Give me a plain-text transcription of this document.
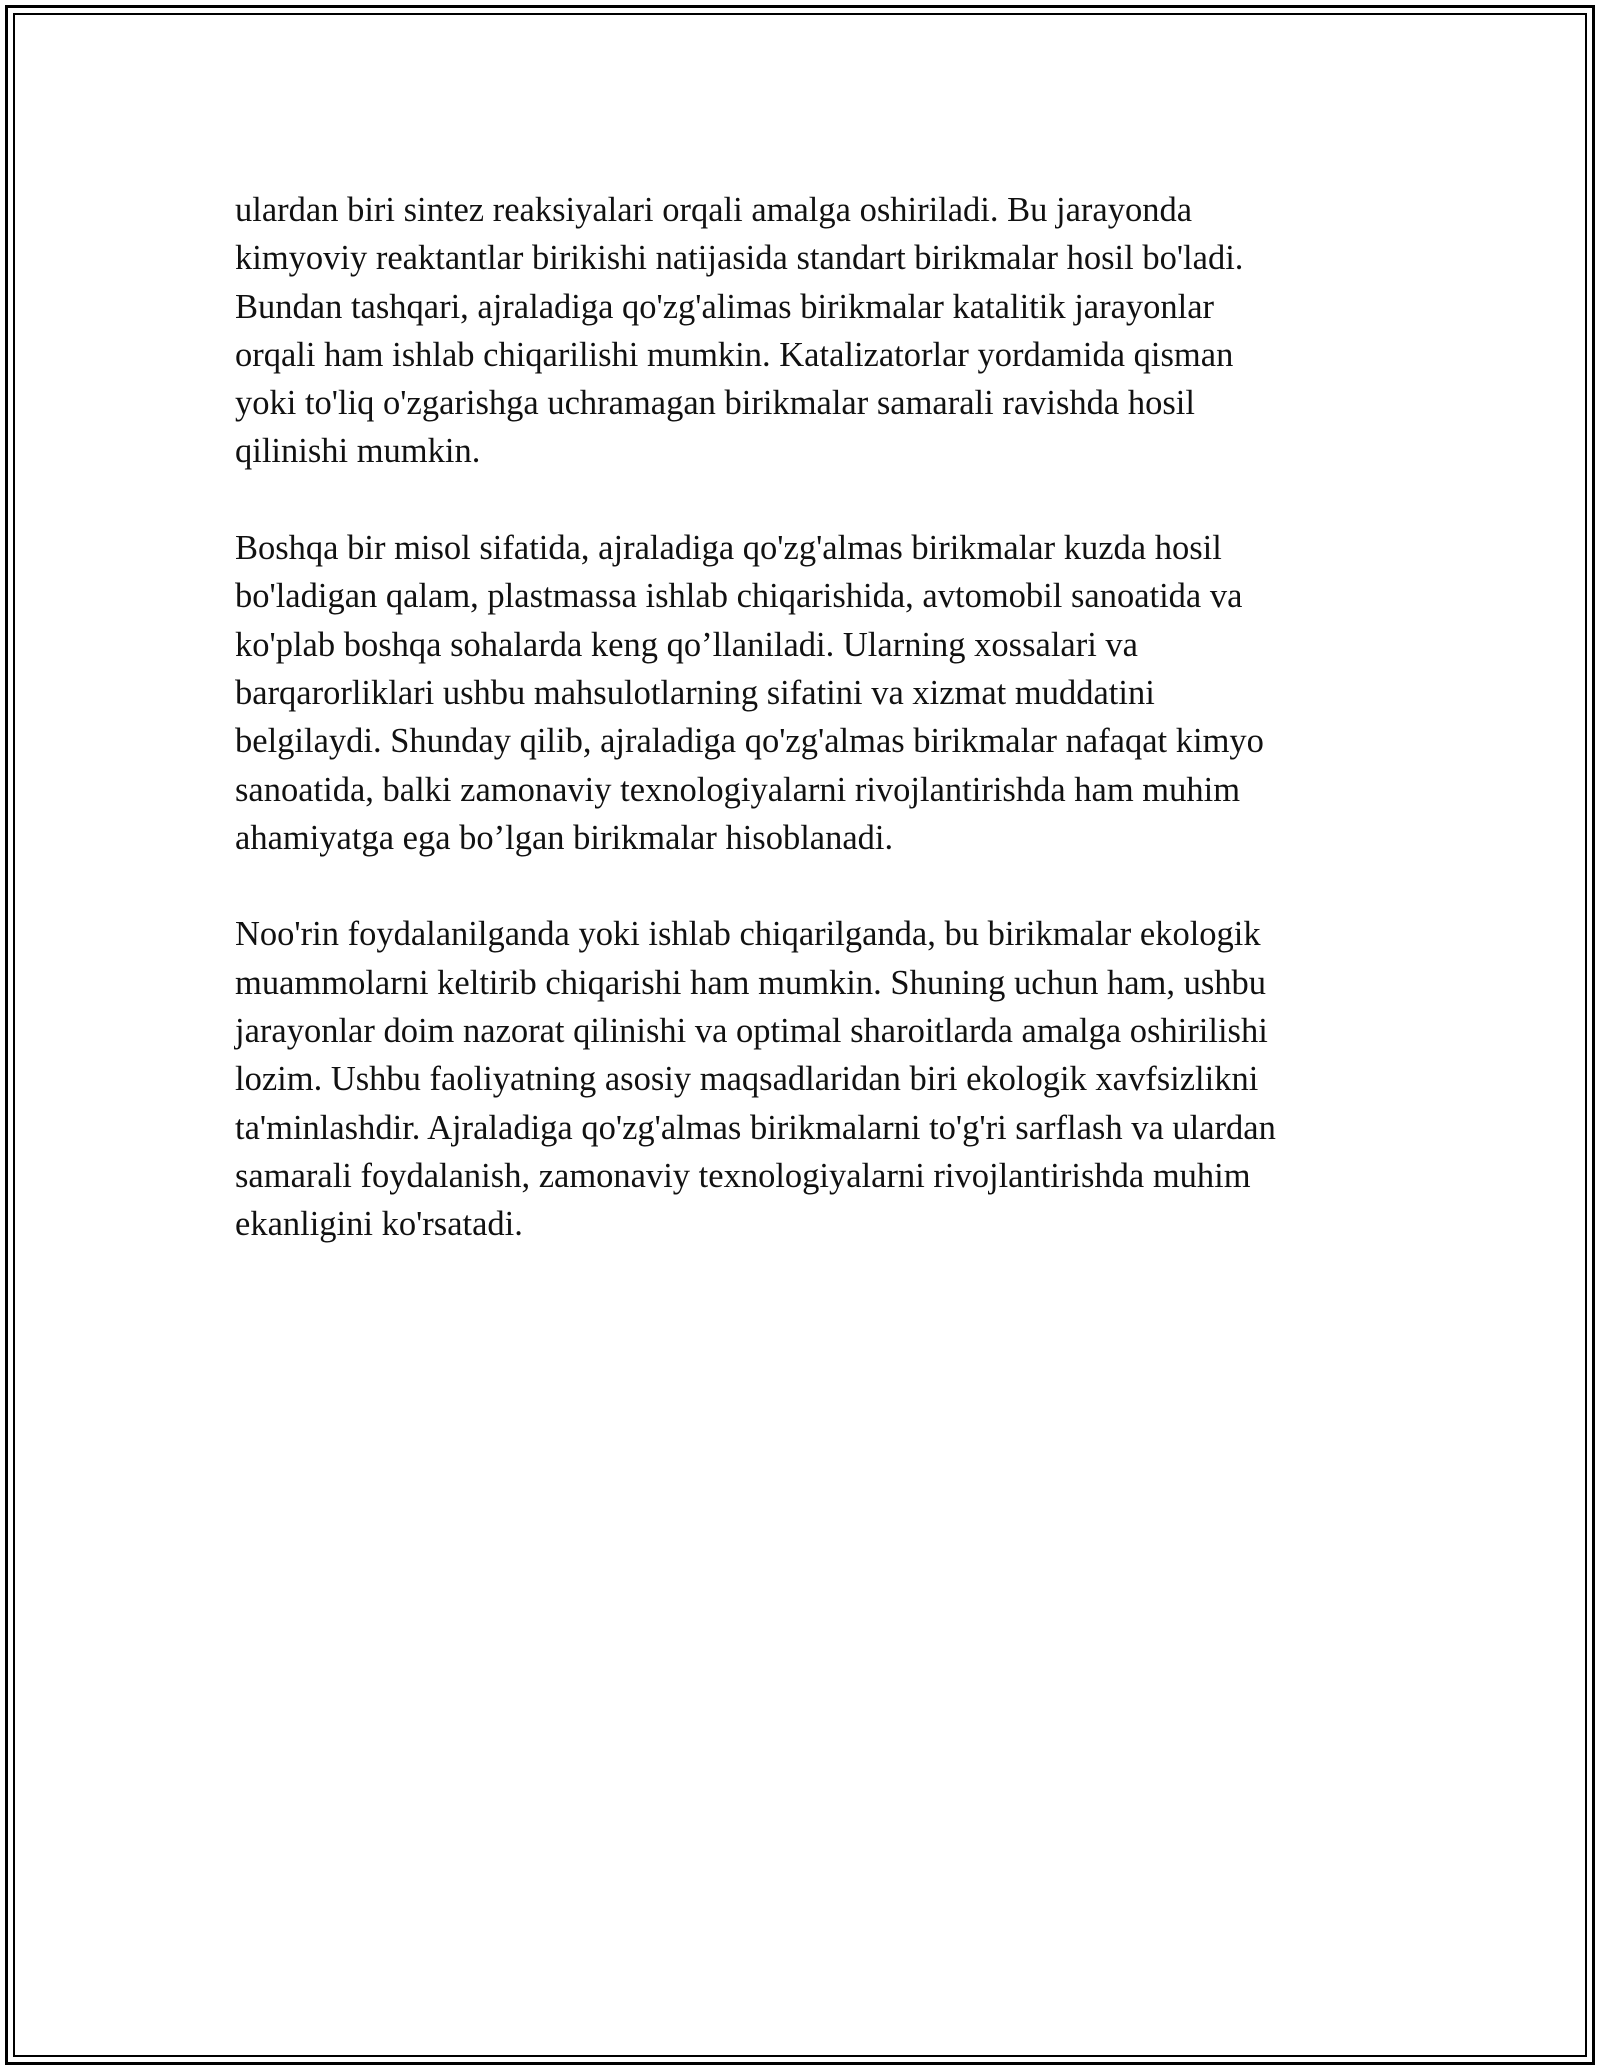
ulardan biri sintez reaksiyalari orqali amalga oshiriladi. Bu jarayonda
kimyoviy reaktantlar birikishi natijasida standart birikmalar hosil bo'ladi.
Bundan tashqari, ajraladiga qo'zg'alimas birikmalar katalitik jarayonlar
orqali ham ishlab chiqarilishi mumkin. Katalizatorlar yordamida qisman
yoki to'liq o'zgarishga uchramagan birikmalar samarali ravishda hosil
qilinishi mumkin.

Boshqa bir misol sifatida, ajraladiga qo'zg'almas birikmalar kuzda hosil
bo'ladigan qalam, plastmassa ishlab chiqarishida, avtomobil sanoatida va
ko'plab boshqa sohalarda keng qo’llaniladi. Ularning xossalari va
barqarorliklari ushbu mahsulotlarning sifatini va xizmat muddatini
belgilaydi. Shunday qilib, ajraladiga qo'zg'almas birikmalar nafaqat kimyo
sanoatida, balki zamonaviy texnologiyalarni rivojlantirishda ham muhim
ahamiyatga ega bo’lgan birikmalar hisoblanadi.

Noo'rin foydalanilganda yoki ishlab chiqarilganda, bu birikmalar ekologik
muammolarni keltirib chiqarishi ham mumkin. Shuning uchun ham, ushbu
jarayonlar doim nazorat qilinishi va optimal sharoitlarda amalga oshirilishi
lozim. Ushbu faoliyatning asosiy maqsadlaridan biri ekologik xavfsizlikni
ta'minlashdir. Ajraladiga qo'zg'almas birikmalarni to'g'ri sarflash va ulardan
samarali foydalanish, zamonaviy texnologiyalarni rivojlantirishda muhim
ekanligini ko'rsatadi.
